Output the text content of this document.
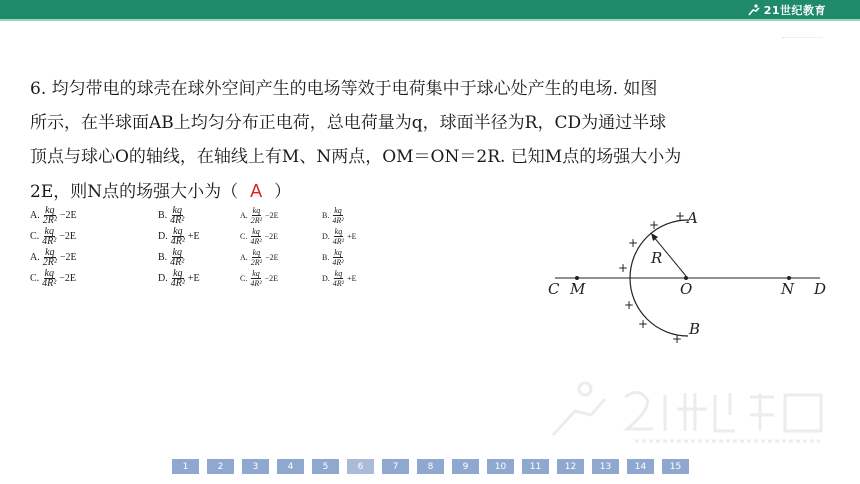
21世纪教育

6. 均匀带电的球壳在球外空间产生的电场等效于电荷集中于球心处产生的电场. 如图

所示，在半球面AB上均匀分布正电荷，总电荷量为q，球面半径为R，CD为通过半球

顶点与球心O的轴线，在轴线上有M、N两点，OM＝ON＝2R. 已知M点的场强大小为

2E，则N点的场强大小为（ A ）

A. $\frac{kq}{\text{2R²}} -2E$	B. $\frac{kq}{\text{4R²}}$	A. $\frac{kq}{\text{2R²}} -2E$	B. $\frac{kq}{\text{4R²}}$
C. $\frac{kq}{\text{4R²}} -2E$	D. $\frac{kq}{\text{4R²}} +E$	C. $\frac{kq}{\text{4R²}} -2E$	D. $\frac{kq}{\text{4R²}} +E$
A. $\frac{kq}{\text{2R²}} -2E$	B. $\frac{kq}{\text{4R²}}$	A. $\frac{kq}{\text{2R²}} -2E$	B. $\frac{kq}{\text{4R²}}$
C. $\frac{kq}{\text{4R²}} -2E$	D. $\frac{kq}{\text{4R²}} +E$	C. $\frac{kq}{\text{4R²}} -2E$	D. $\frac{kq}{\text{4R²}} +E$
C M	O	N D
A
B
R
+
+
+
+
+
+
+
1	2	3	4	5	6	7	8	9	10	11	12	13	14	15
